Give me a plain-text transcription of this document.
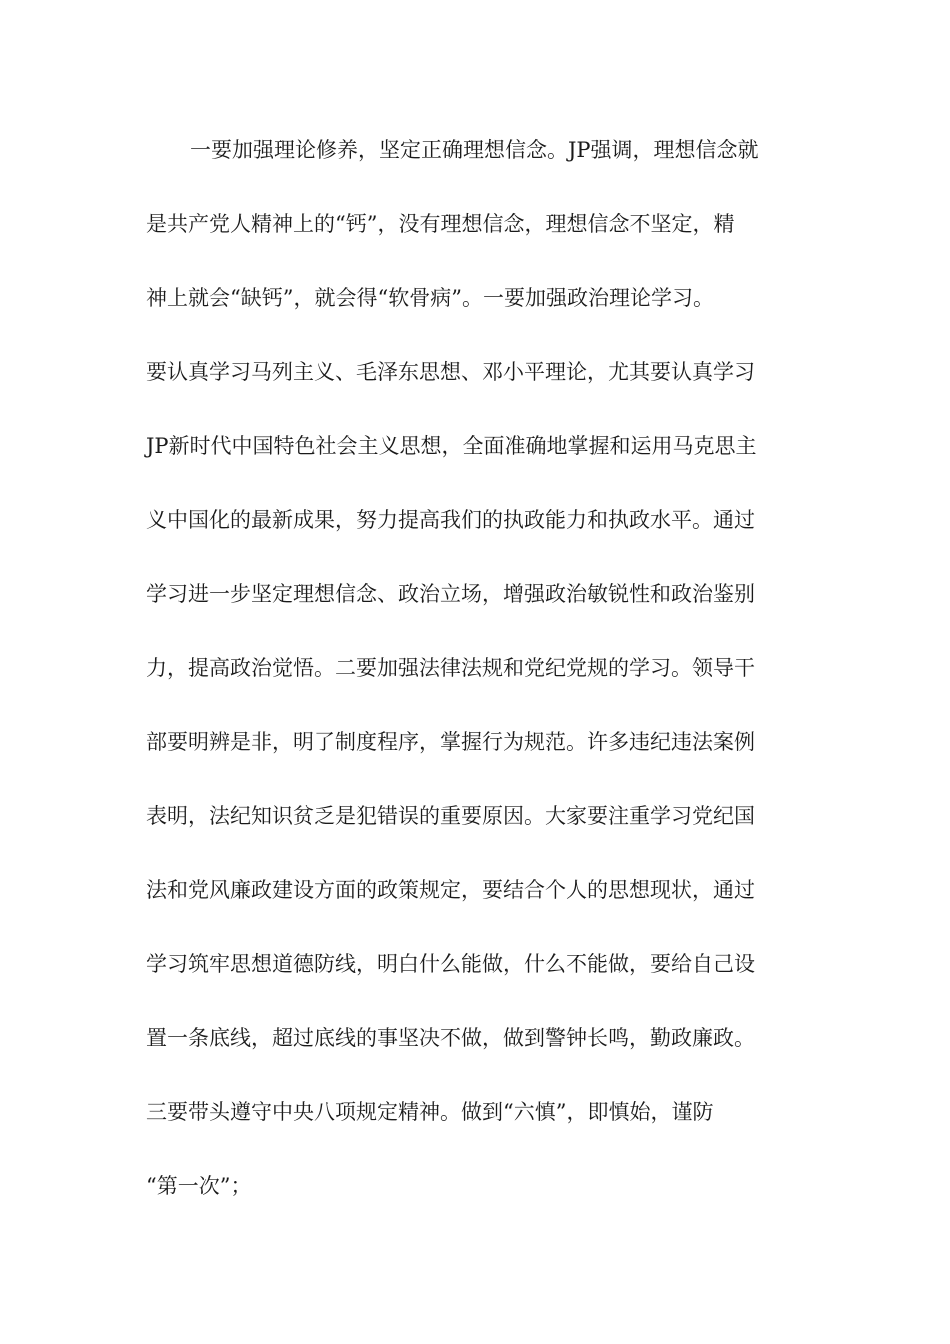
一要加强理论修养，坚定正确理想信念。JP强调，理想信念就
是共产党人精神上的“钙”，没有理想信念，理想信念不坚定，精
神上就会“缺钙”，就会得“软骨病”。一要加强政治理论学习。
要认真学习马列主义、毛泽东思想、邓小平理论，尤其要认真学习
JP新时代中国特色社会主义思想，全面准确地掌握和运用马克思主
义中国化的最新成果，努力提高我们的执政能力和执政水平。通过
学习进一步坚定理想信念、政治立场，增强政治敏锐性和政治鉴别
力，提高政治觉悟。二要加强法律法规和党纪党规的学习。领导干
部要明辨是非，明了制度程序，掌握行为规范。许多违纪违法案例
表明，法纪知识贫乏是犯错误的重要原因。大家要注重学习党纪国
法和党风廉政建设方面的政策规定，要结合个人的思想现状，通过
学习筑牢思想道德防线，明白什么能做，什么不能做，要给自己设
置一条底线，超过底线的事坚决不做，做到警钟长鸣，勤政廉政。
三要带头遵守中央八项规定精神。做到“六慎”，即慎始，谨防
“第一次”；
